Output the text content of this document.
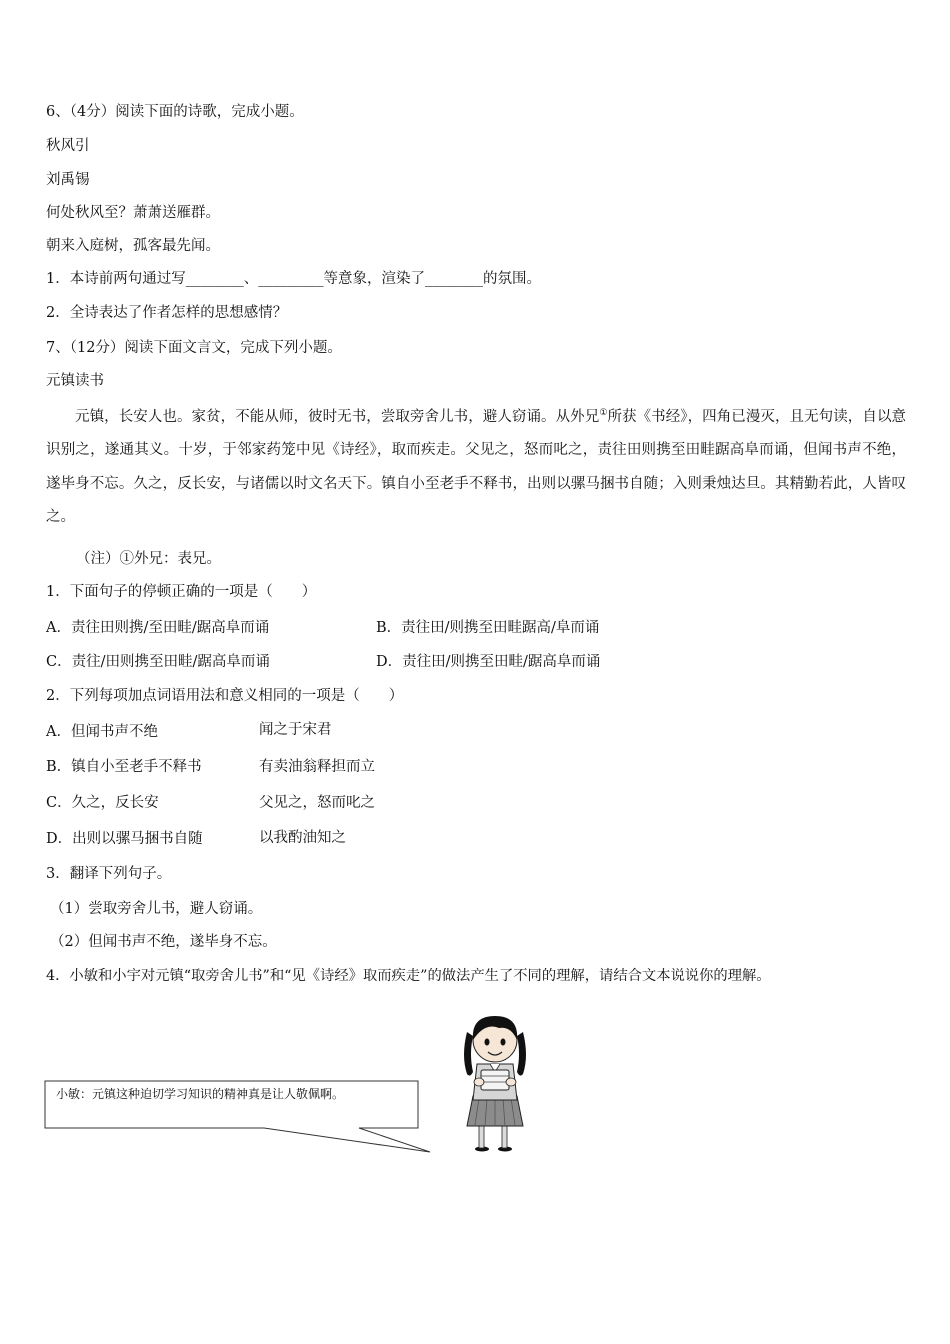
6、（4分）阅读下面的诗歌，完成小题。
秋风引
刘禹锡
何处秋风至？萧萧送雁群。
朝来入庭树，孤客最先闻。
1．本诗前两句通过写________、_________等意象，渲染了________的氛围。
2．全诗表达了作者怎样的思想感情？
7、（12分）阅读下面文言文，完成下列小题。
元镇读书
元镇，长安人也。家贫，不能从师，彼时无书，尝取旁舍儿书，避人窃诵。从外兄①所获《书经》，四角已漫灭，且无句读，自以意识别之，遂通其义。十岁，于邻家药笼中见《诗经》，取而疾走。父见之，怒而叱之，责往田则携至田畦踞高阜而诵，但闻书声不绝，遂毕身不忘。久之，反长安，与诸儒以时文名天下。镇自小至老手不释书，出则以骡马捆书自随；入则秉烛达旦。其精勤若此，人皆叹之。
（注）①外兄：表兄。
1．下面句子的停顿正确的一项是（　　）
A．责往田则携/至田畦/踞高阜而诵	B．责往田/则携至田畦踞高/阜而诵
C．责往/田则携至田畦/踞高阜而诵	D．责往田/则携至田畦/踞高阜而诵
2．下列每项加点词语用法和意义相同的一项是（　　）
A．但闻书声不绝	闻之于宋君
B．镇自小至老手不释书	有卖油翁释担而立
C．久之，反长安	父见之，怒而叱之
D．出则以骡马捆书自随	以我酌油知之
3．翻译下列句子。
（1）尝取旁舍儿书，避人窃诵。
（2）但闻书声不绝，遂毕身不忘。
4．小敏和小宇对元镇“取旁舍儿书”和“见《诗经》取而疾走”的做法产生了不同的理解，请结合文本说说你的理解。
小敏：元镇这种迫切学习知识的精神真是让人敬佩啊。
